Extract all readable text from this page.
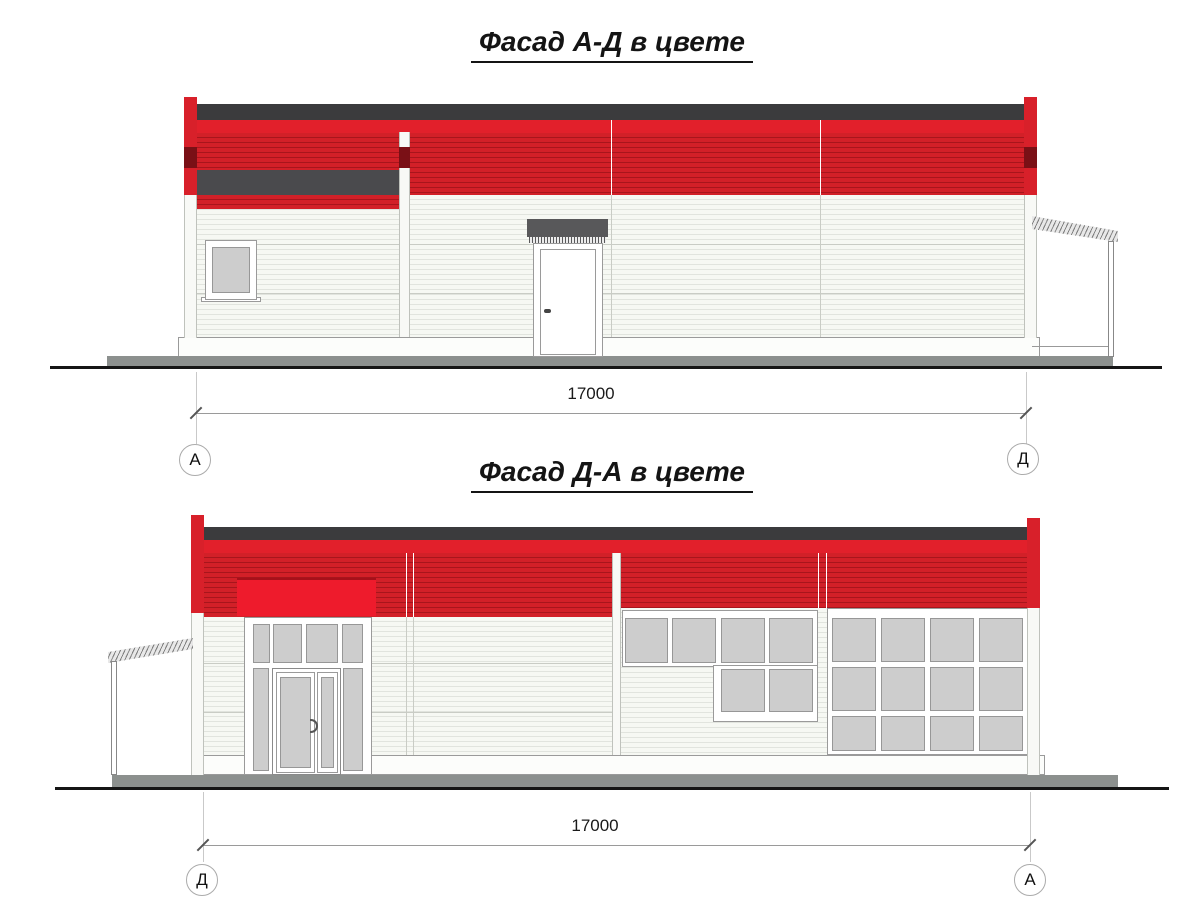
Фасад А-Д в цвете
17000
А	Д
Фасад Д-А в цвете
17000
Д	А
